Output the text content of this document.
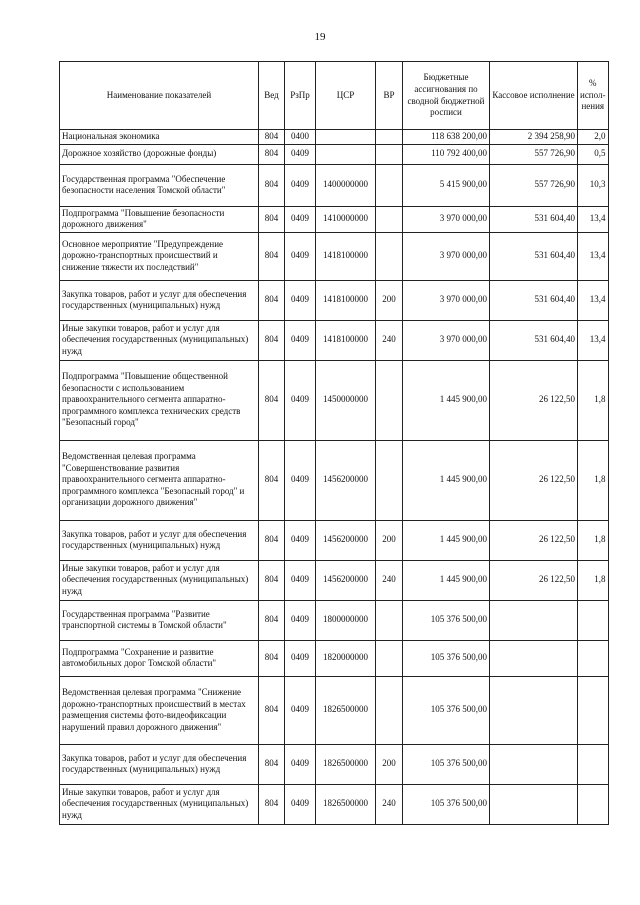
19
Наименование показателей	Вед	РзПр	ЦСР	ВР	Бюджетные ассигнования по сводной бюджетной росписи	Кассовое исполнение	% испол-нения
Национальная экономика	804	0400			118 638 200,00	2 394 258,90	2,0
Дорожное хозяйство (дорожные фонды)	804	0409			110 792 400,00	557 726,90	0,5
Государственная программа "Обеспечение безопасности населения Томской области"	804	0409	1400000000		5 415 900,00	557 726,90	10,3
Подпрограмма "Повышение безопасности дорожного движения"	804	0409	1410000000		3 970 000,00	531 604,40	13,4
Основное мероприятие "Предупреждение дорожно-транспортных происшествий и снижение тяжести их последствий"	804	0409	1418100000		3 970 000,00	531 604,40	13,4
Закупка товаров, работ и услуг для обеспечения государственных (муниципальных) нужд	804	0409	1418100000	200	3 970 000,00	531 604,40	13,4
Иные закупки товаров, работ и услуг для обеспечения государственных (муниципальных) нужд	804	0409	1418100000	240	3 970 000,00	531 604,40	13,4
Подпрограмма "Повышение общественной безопасности с использованием правоохранительного сегмента аппаратно-программного комплекса технических средств "Безопасный город"	804	0409	1450000000		1 445 900,00	26 122,50	1,8
Ведомственная целевая программа "Совершенствование развития правоохранительного сегмента аппаратно-программного комплекса "Безопасный город" и организации дорожного движения"	804	0409	1456200000		1 445 900,00	26 122,50	1,8
Закупка товаров, работ и услуг для обеспечения государственных (муниципальных) нужд	804	0409	1456200000	200	1 445 900,00	26 122,50	1,8
Иные закупки товаров, работ и услуг для обеспечения государственных (муниципальных) нужд	804	0409	1456200000	240	1 445 900,00	26 122,50	1,8
Государственная программа "Развитие транспортной системы в Томской области"	804	0409	1800000000		105 376 500,00		
Подпрограмма "Сохранение и развитие автомобильных дорог Томской области"	804	0409	1820000000		105 376 500,00		
Ведомственная целевая программа "Снижение дорожно-транспортных происшествий в местах размещения системы фото-видеофиксации нарушений правил дорожного движения"	804	0409	1826500000		105 376 500,00		
Закупка товаров, работ и услуг для обеспечения государственных (муниципальных) нужд	804	0409	1826500000	200	105 376 500,00		
Иные закупки товаров, работ и услуг для обеспечения государственных (муниципальных) нужд	804	0409	1826500000	240	105 376 500,00		
